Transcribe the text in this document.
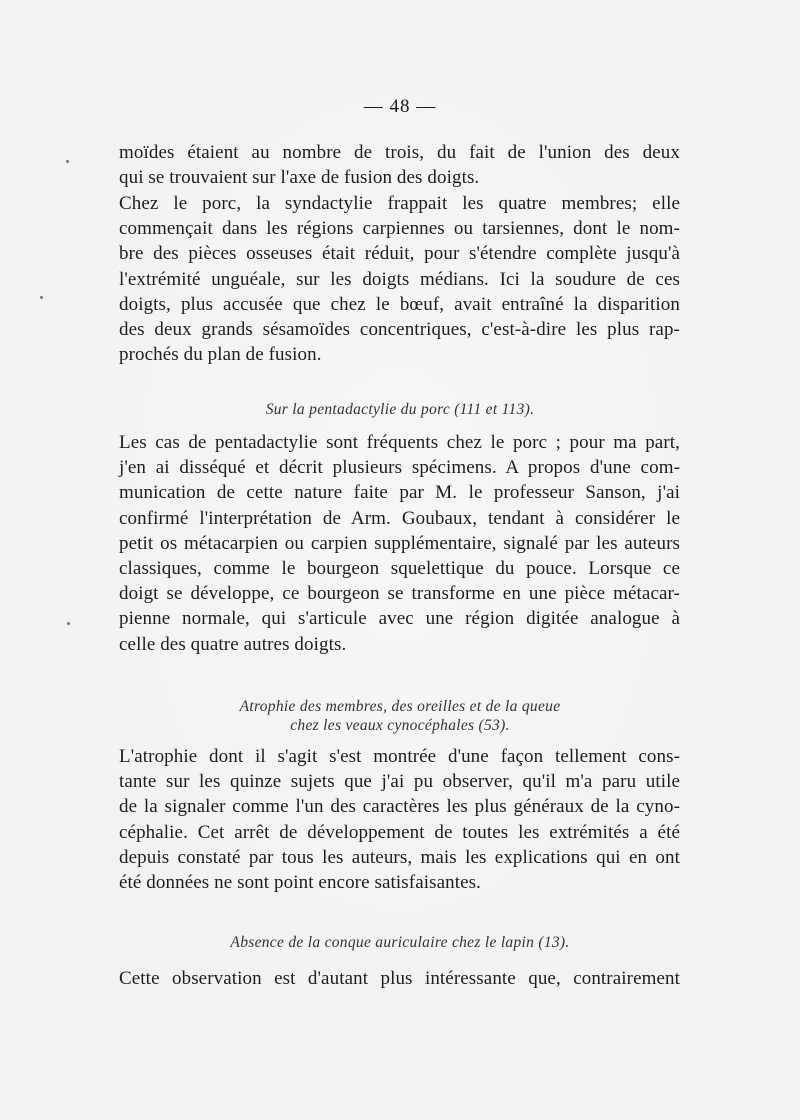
— 48 —
moïdes étaient au nombre de trois, du fait de l'union des deux
qui se trouvaient sur l'axe de fusion des doigts.
Chez le porc, la syndactylie frappait les quatre membres; elle
commençait dans les régions carpiennes ou tarsiennes, dont le nom-
bre des pièces osseuses était réduit, pour s'étendre complète jusqu'à
l'extrémité unguéale, sur les doigts médians. Ici la soudure de ces
doigts, plus accusée que chez le bœuf, avait entraîné la disparition
des deux grands sésamoïdes concentriques, c'est-à-dire les plus rap-
prochés du plan de fusion.
Sur la pentadactylie du porc (111 et 113).
Les cas de pentadactylie sont fréquents chez le porc ; pour ma part,
j'en ai disséqué et décrit plusieurs spécimens. A propos d'une com-
munication de cette nature faite par M. le professeur Sanson, j'ai
confirmé l'interprétation de Arm. Goubaux, tendant à considérer le
petit os métacarpien ou carpien supplémentaire, signalé par les auteurs
classiques, comme le bourgeon squelettique du pouce. Lorsque ce
doigt se développe, ce bourgeon se transforme en une pièce métacar-
pienne normale, qui s'articule avec une région digitée analogue à
celle des quatre autres doigts.
Atrophie des membres, des oreilles et de la queue
chez les veaux cynocéphales (53).
L'atrophie dont il s'agit s'est montrée d'une façon tellement cons-
tante sur les quinze sujets que j'ai pu observer, qu'il m'a paru utile
de la signaler comme l'un des caractères les plus généraux de la cyno-
céphalie. Cet arrêt de développement de toutes les extrémités a été
depuis constaté par tous les auteurs, mais les explications qui en ont
été données ne sont point encore satisfaisantes.
Absence de la conque auriculaire chez le lapin (13).
Cette observation est d'autant plus intéressante que, contrairement
